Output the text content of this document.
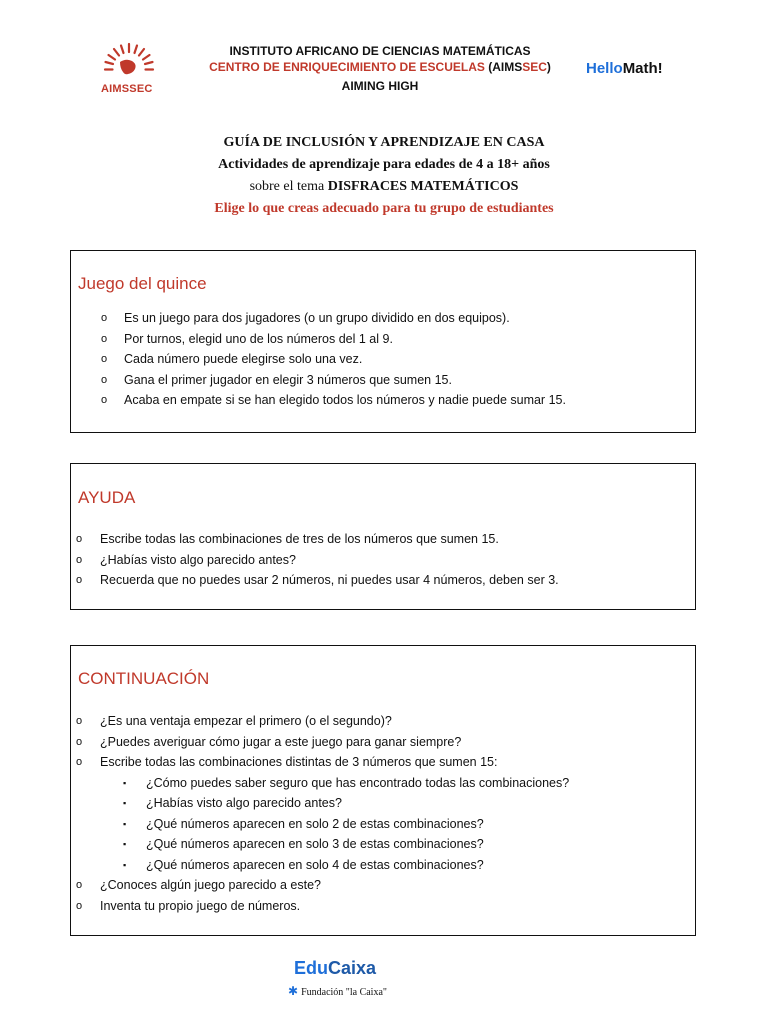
AIMSSEC
INSTITUTO AFRICANO DE CIENCIAS MATEMÁTICAS
CENTRO DE ENRIQUECIMIENTO DE ESCUELAS (AIMSSEC)
AIMING HIGH
HelloMath!
GUÍA DE INCLUSIÓN Y APRENDIZAJE EN CASA
Actividades de aprendizaje para edades de 4 a 18+ años
sobre el tema DISFRACES MATEMÁTICOS
Elige lo que creas adecuado para tu grupo de estudiantes
Juego del quince
o Es un juego para dos jugadores (o un grupo dividido en dos equipos).
o Por turnos, elegid uno de los números del 1 al 9.
o Cada número puede elegirse solo una vez.
o Gana el primer jugador en elegir 3 números que sumen 15.
o Acaba en empate si se han elegido todos los números y nadie puede sumar 15.
AYUDA
o Escribe todas las combinaciones de tres de los números que sumen 15.
o ¿Habías visto algo parecido antes?
o Recuerda que no puedes usar 2 números, ni puedes usar 4 números, deben ser 3.
CONTINUACIÓN
o ¿Es una ventaja empezar el primero (o el segundo)?
o ¿Puedes averiguar cómo jugar a este juego para ganar siempre?
o Escribe todas las combinaciones distintas de 3 números que sumen 15:
▪ ¿Cómo puedes saber seguro que has encontrado todas las combinaciones?
▪ ¿Habías visto algo parecido antes?
▪ ¿Qué números aparecen en solo 2 de estas combinaciones?
▪ ¿Qué números aparecen en solo 3 de estas combinaciones?
▪ ¿Qué números aparecen en solo 4 de estas combinaciones?
o ¿Conoces algún juego parecido a este?
o Inventa tu propio juego de números.
EduCaixa
✱ Fundación "la Caixa"
